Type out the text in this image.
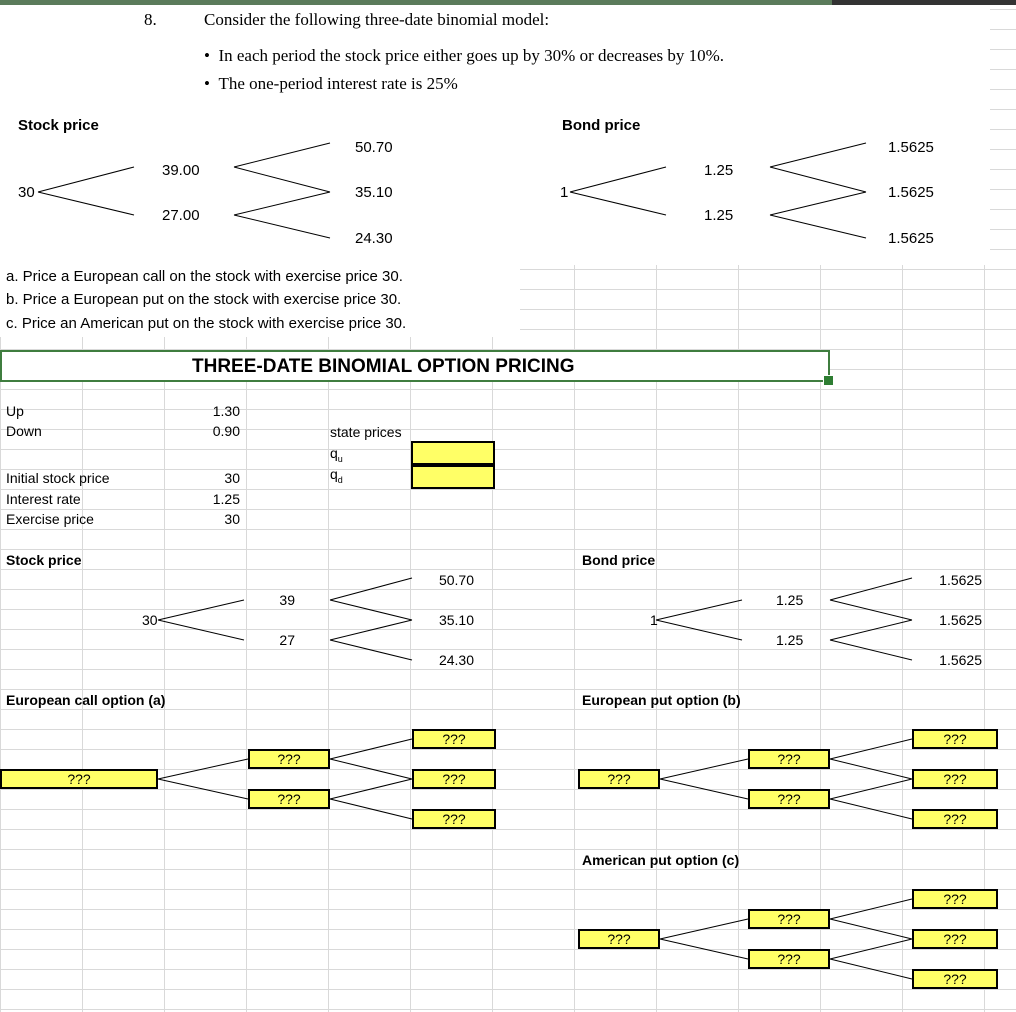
8.	Consider the following three-date binomial model:
•  In each period the stock price either goes up by 30% or decreases by 10%.
•  The one-period interest rate is 25%
Stock price
30
39.00
27.00
50.70
35.10
24.30
Bond price
1
1.25
1.25
1.5625
1.5625
1.5625
a. Price a European call on the stock with exercise price 30.
b. Price a European put on the stock with exercise price 30.
c. Price an American put on the stock with exercise price 30.
THREE-DATE BINOMIAL OPTION PRICING
Up	1.30
Down	0.90	state prices
$q_u$
$q_d$
Initial stock price	30
Interest rate	1.25
Exercise price	30
Stock price
30
39
27
50.70
35.10
24.30
Bond price
1
1.25
1.25
1.5625
1.5625
1.5625
European call option (a)
???
???
???
???
???
???
European put option (b)
???
???
???
???
???
???
American put option (c)
???
???
???
???
???
???
